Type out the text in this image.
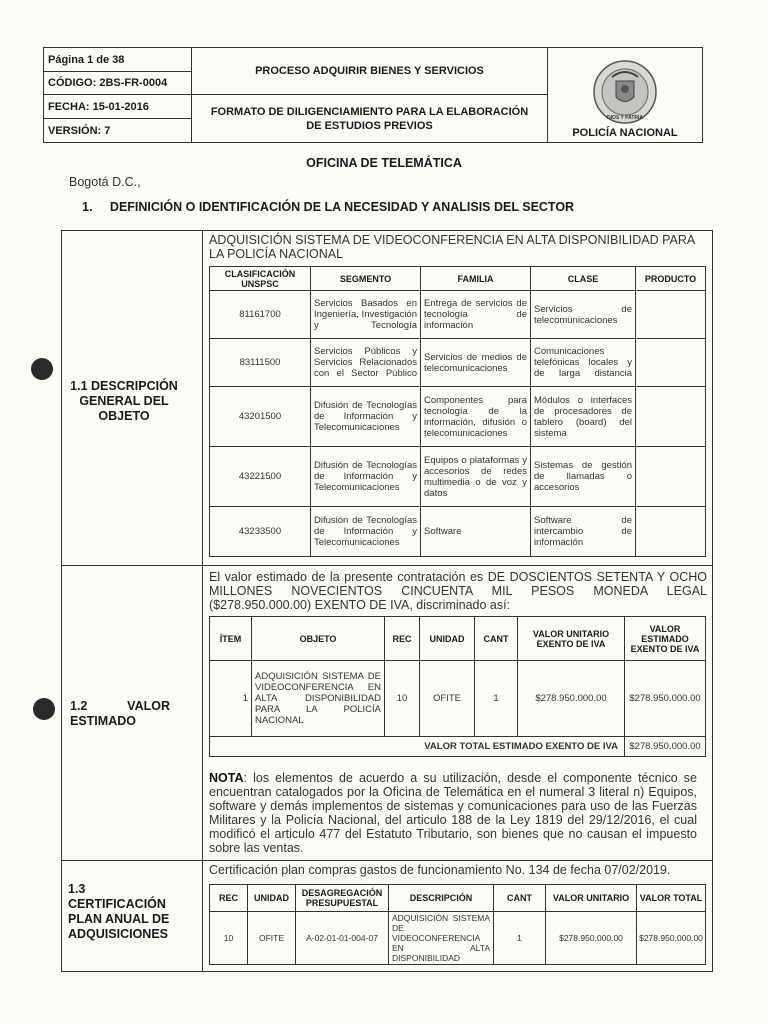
Página 1 de 38	PROCESO ADQUIRIR BIENES Y SERVICIOS	DIOS Y PATRIA
POLICÍA NACIONAL

CÓDIGO: 2BS-FR-0004		
FECHA: 15-01-2016	FORMATO DE DILIGENCIAMIENTO PARA LA ELABORACIÓN DE ESTUDIOS PREVIOS	
VERSIÓN: 7		
OFICINA DE TELEMÁTICA
Bogotá D.C.,
1. DEFINICIÓN O IDENTIFICACIÓN DE LA NECESIDAD Y ANALISIS DEL SECTOR
1.1 DESCRIPCIÓN GENERAL DEL OBJETO
ADQUISICIÓN SISTEMA DE VIDEOCONFERENCIA EN ALTA DISPONIBILIDAD PARA LA POLICÍA NACIONAL
CLASIFICACIÓN UNSPSC	SEGMENTO	FAMILIA	CLASE	PRODUCTO
81161700	Servicios Basados en Ingeniería, Investigación y Tecnología	Entrega de servicios de tecnología de información	Servicios de telecomunicaciones	
83111500	Servicios Públicos y Servicios Relacionados con el Sector Público	Servicios de medios de telecomunicaciones	Comunicaciones telefónicas locales y de larga distancia	
43201500	Difusión de Tecnologías de Información y Telecomunicaciones	Componentes para tecnología de la información, difusión o telecomunicaciones	Módulos o interfaces de procesadores de tablero (board) del sistema	
43221500	Difusión de Tecnologías de Información y Telecomunicaciones	Equipos o plataformas y accesorios de redes multimedia o de voz y datos	Sistemas de gestión de llamadas o accesorios	
43233500	Difusión de Tecnologías de Información y Telecomunicaciones	Software	Software de intercambio de información	
1.2 VALOR ESTIMADO
El valor estimado de la presente contratación es DE DOSCIENTOS SETENTA Y OCHO MILLONES NOVECIENTOS CINCUENTA MIL PESOS MONEDA LEGAL ($278.950.000.00) EXENTO DE IVA, discriminado así:
ÍTEM	OBJETO	REC	UNIDAD	CANT	VALOR UNITARIO EXENTO DE IVA	VALOR ESTIMADO EXENTO DE IVA
1	ADQUISICIÓN SISTEMA DE VIDEOCONFERENCIA EN ALTA DISPONIBILIDAD PARA LA POLICÍA NACIONAL	10	OFITE	1	$278.950.000.00	$278.950.000.00
VALOR TOTAL ESTIMADO EXENTO DE IVA						$278.950.000.00
NOTA: los elementos de acuerdo a su utilización, desde el componente técnico se encuentran catalogados por la Oficina de Telemática en el numeral 3 literal n) Equipos, software y demás implementos de sistemas y comunicaciones para uso de las Fuerzas Militares y la Policía Nacional, del articulo 188 de la Ley 1819 del 29/12/2016, el cual modificó el articulo 477 del Estatuto Tributario, son bienes que no causan el impuesto sobre las ventas.
1.3 CERTIFICACIÓN PLAN ANUAL DE ADQUISICIONES
Certificación plan compras gastos de funcionamiento No. 134 de fecha 07/02/2019.
REC	UNIDAD	DESAGREGACIÓN PRESUPUESTAL	DESCRIPCIÓN	CANT	VALOR UNITARIO	VALOR TOTAL
10	OFITE	A-02-01-01-004-07	ADQUISICIÓN SISTEMA DE VIDEOCONFERENCIA EN ALTA DISPONIBILIDAD	1	$278.950.000.00	$278.950.000.00
